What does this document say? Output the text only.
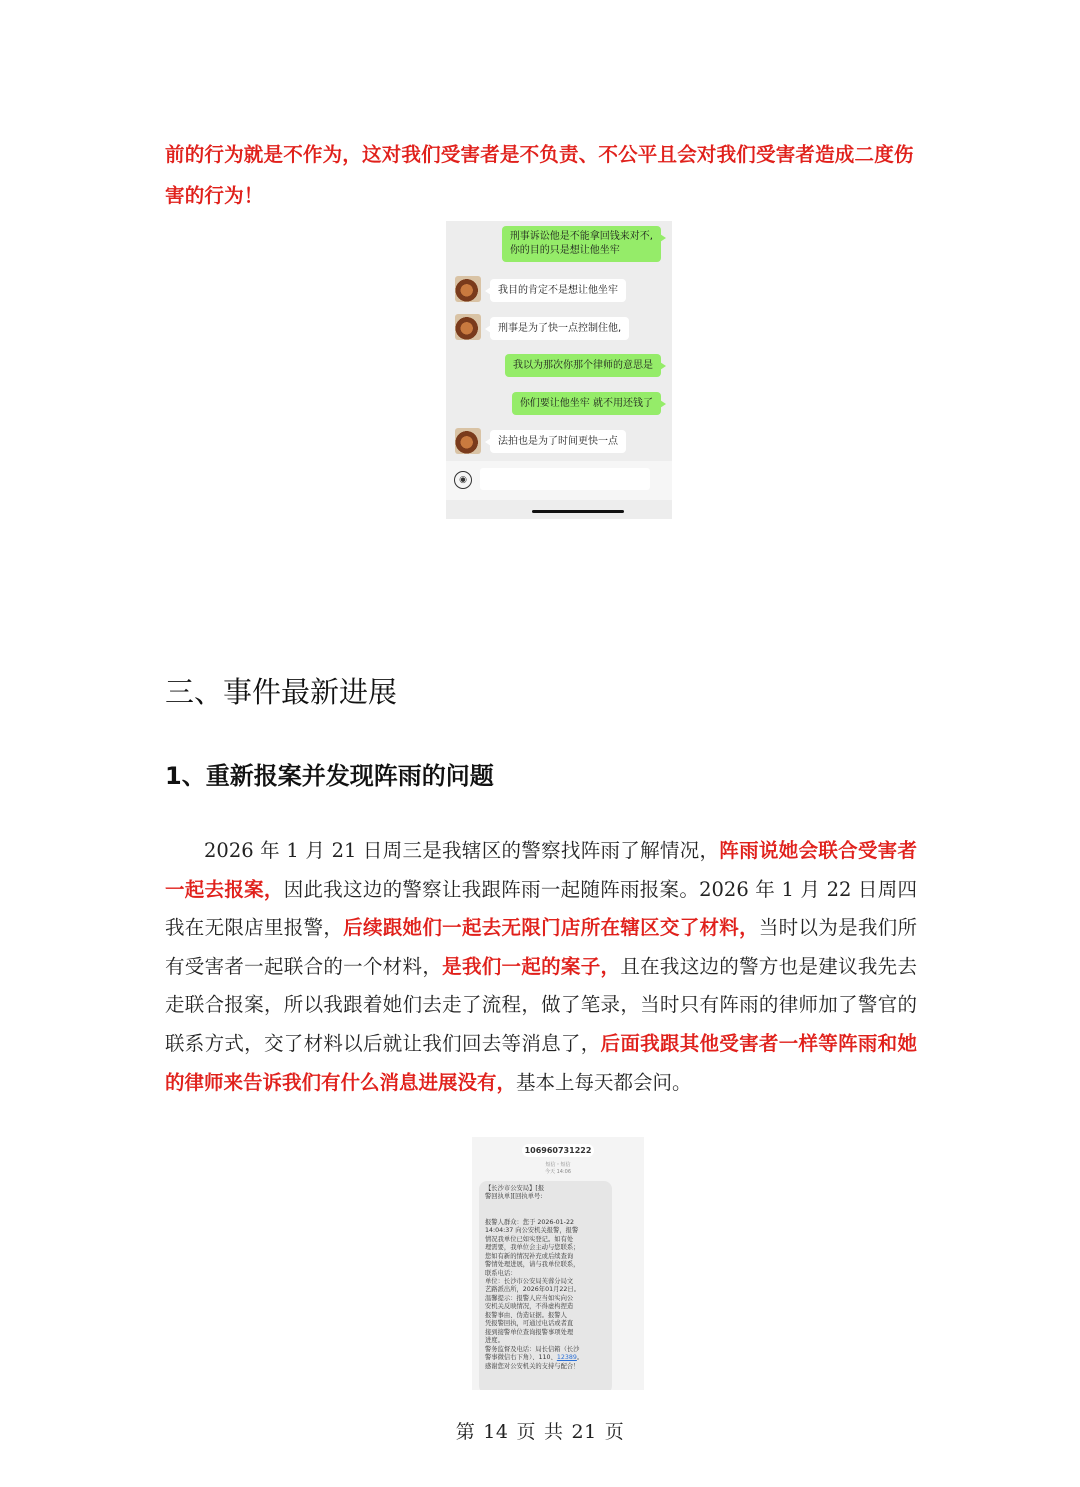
前的行为就是不作为，这对我们受害者是不负责、不公平且会对我们受害者造成二度伤害的行为！

刑事诉讼他是不能拿回钱来对不,
你的目的只是想让他坐牢
我目的肯定不是想让他坐牢
刑事是为了快一点控制住他,
我以为那次你那个律师的意思是
你们要让他坐牢 就不用还钱了
法拍也是为了时间更快一点
◉
三、事件最新进展
1、重新报案并发现阵雨的问题

2026 年 1 月 21 日周三是我辖区的警察找阵雨了解情况，阵雨说她会联合受害者一起去报案，因此我这边的警察让我跟阵雨一起随阵雨报案。2026 年 1 月 22 日周四我在无限店里报警，后续跟她们一起去无限门店所在辖区交了材料，当时以为是我们所有受害者一起联合的一个材料，是我们一起的案子，且在我这边的警方也是建议我先去走联合报案，所以我跟着她们去走了流程，做了笔录，当时只有阵雨的律师加了警官的联系方式，交了材料以后就让我们回去等消息了，后面我跟其他受害者一样等阵雨和她的律师来告诉我们有什么消息进展没有，基本上每天都会问。

106960731222
短信・短信
今天 14:06
【长沙市公安局】[报
警回执单][回执单号:

报警人群众：您于 2026-01-22
14:04:37 向公安机关报警，报警
情况我单位已如实登记。如有处
理需要，我单位会主动与您联系；
您如有新的情况补充或后续查询
警情处理进展，请与我单位联系，
联系电话：
单位：长沙市公安局芙蓉分局文
艺路派出所，2026年01月22日。
温馨提示：报警人应当如实向公
安机关反映情况，不得虚构捏造
报警事由、伪造证据。报警人
凭报警回执，可通过电话或者直
接到接警单位查询报警事项处理
进度。
警务监督及电话：局长信箱（长沙
警事微信右下角）、110、12389。
感谢您对公安机关的支持与配合！
第 14 页 共 21 页
